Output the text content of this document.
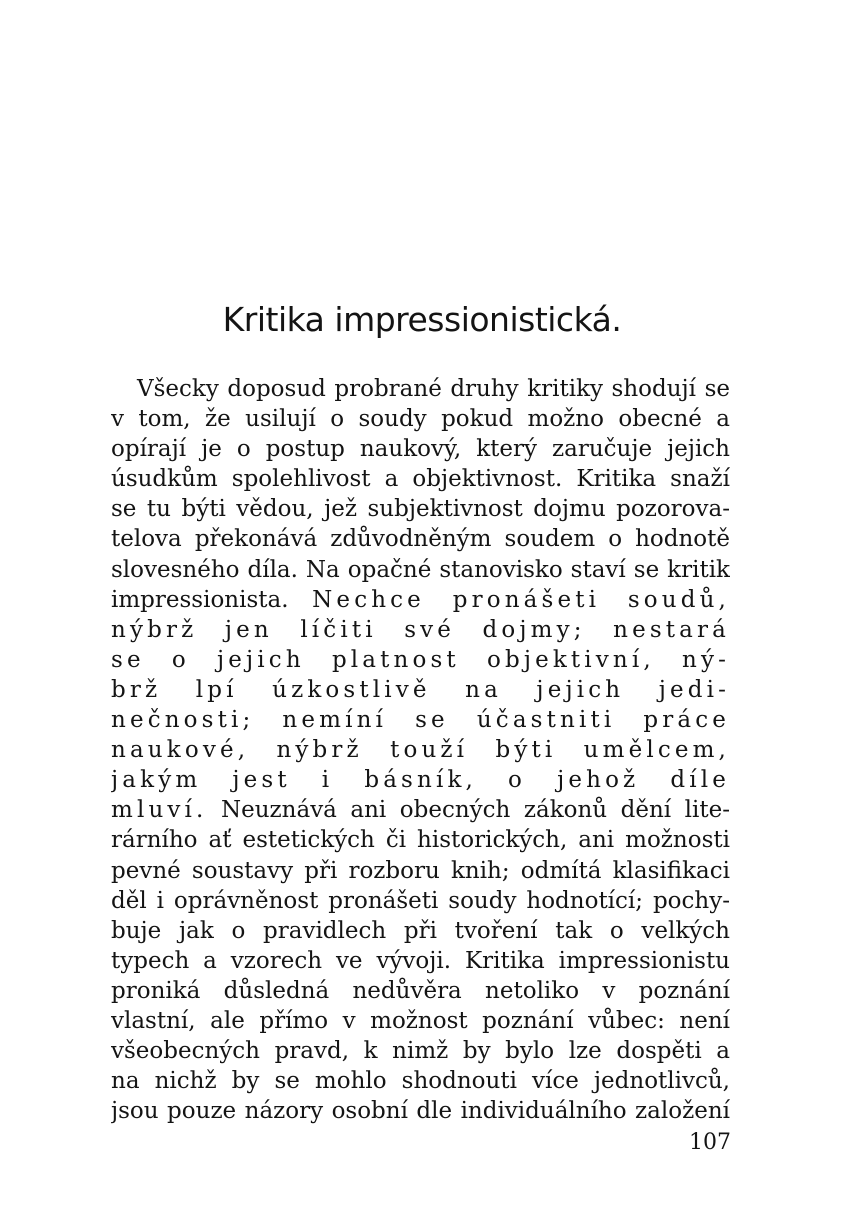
Kritika impressionistická.
Všecky doposud probrané druhy kritiky shodují se
v tom, že usilují o soudy pokud možno obecné a
opírají je o postup naukový, který zaručuje jejich
úsudkům spolehlivost a objektivnost. Kritika snaží
se tu býti vědou, jež subjektivnost dojmu pozorova-
telova překonává zdůvodněným soudem o hodnotě
slovesného díla. Na opačné stanovisko staví se kritik
impressionista. Nechce pronášeti soudů,
nýbrž jen líčiti své dojmy; nestará
se o jejich platnost objektivní, ný-
brž lpí úzkostlivě na jejich jedi-
nečnosti; nemíní se účastniti práce
naukové, nýbrž touží býti umělcem,
jakým jest i básník, o jehož díle
mluví. Neuznává ani obecných zákonů dění lite-
rárního ať estetických či historických, ani možnosti
pevné soustavy při rozboru knih; odmítá klasifikaci
děl i oprávněnost pronášeti soudy hodnotící; pochy-
buje jak o pravidlech při tvoření tak o velkých
typech a vzorech ve vývoji. Kritika impressionistu
proniká důsledná nedůvěra netoliko v poznání
vlastní, ale přímo v možnost poznání vůbec: není
všeobecných pravd, k nimž by bylo lze dospěti a
na nichž by se mohlo shodnouti více jednotlivců,
jsou pouze názory osobní dle individuálního založení
107
